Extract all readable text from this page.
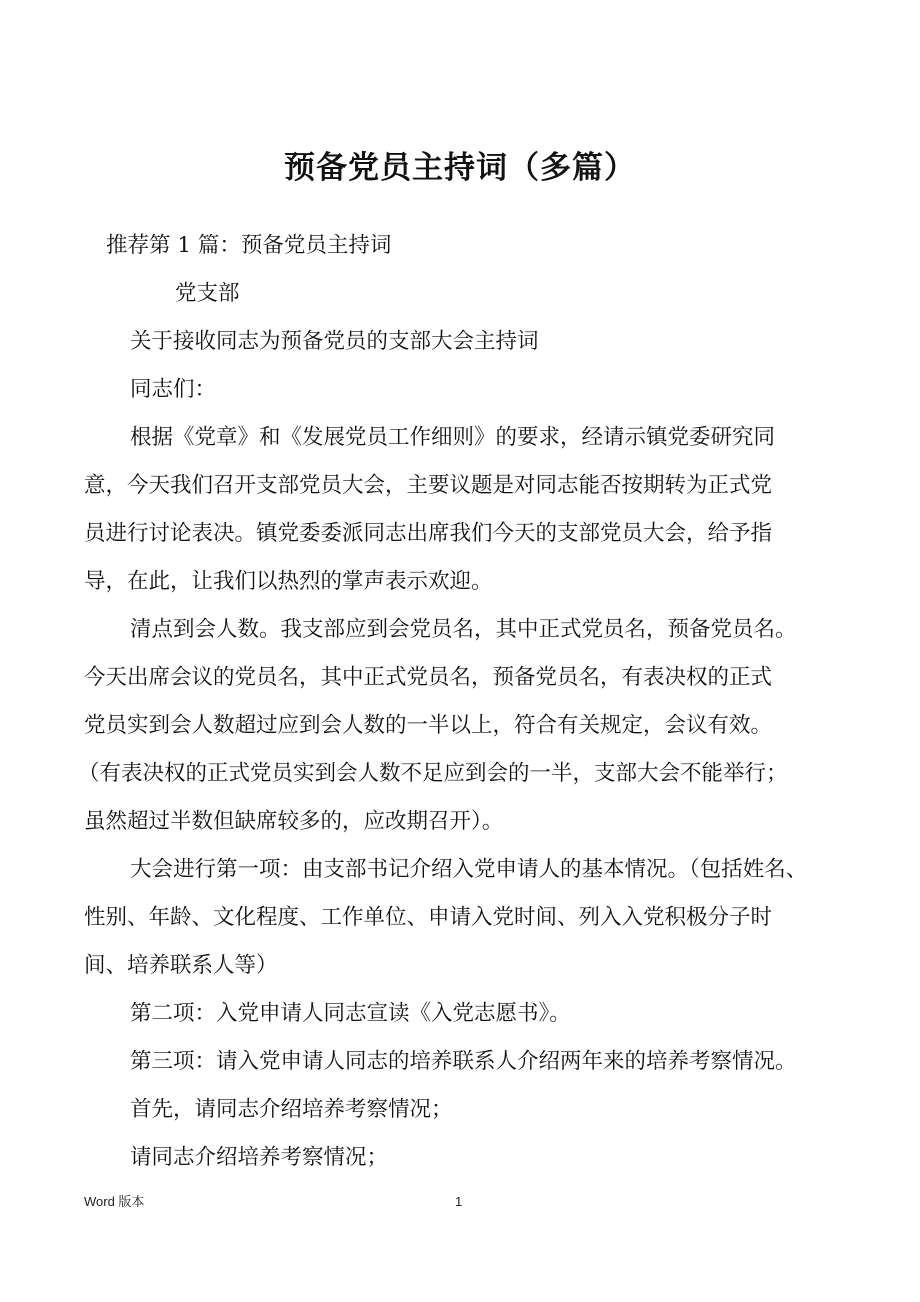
预备党员主持词（多篇）
推荐第 1 篇：预备党员主持词
党支部
关于接收同志为预备党员的支部大会主持词
同志们：
根据《党章》和《发展党员工作细则》的要求，经请示镇党委研究同
意，今天我们召开支部党员大会，主要议题是对同志能否按期转为正式党
员进行讨论表决。镇党委委派同志出席我们今天的支部党员大会，给予指
导，在此，让我们以热烈的掌声表示欢迎。
清点到会人数。我支部应到会党员名，其中正式党员名，预备党员名。
今天出席会议的党员名，其中正式党员名，预备党员名，有表决权的正式
党员实到会人数超过应到会人数的一半以上，符合有关规定，会议有效。
（有表决权的正式党员实到会人数不足应到会的一半，支部大会不能举行；
虽然超过半数但缺席较多的，应改期召开）。
大会进行第一项：由支部书记介绍入党申请人的基本情况。（包括姓名、
性别、年龄、文化程度、工作单位、申请入党时间、列入入党积极分子时
间、培养联系人等）
第二项：入党申请人同志宣读《入党志愿书》。
第三项：请入党申请人同志的培养联系人介绍两年来的培养考察情况。
首先，请同志介绍培养考察情况；
请同志介绍培养考察情况；
Word 版本	1
